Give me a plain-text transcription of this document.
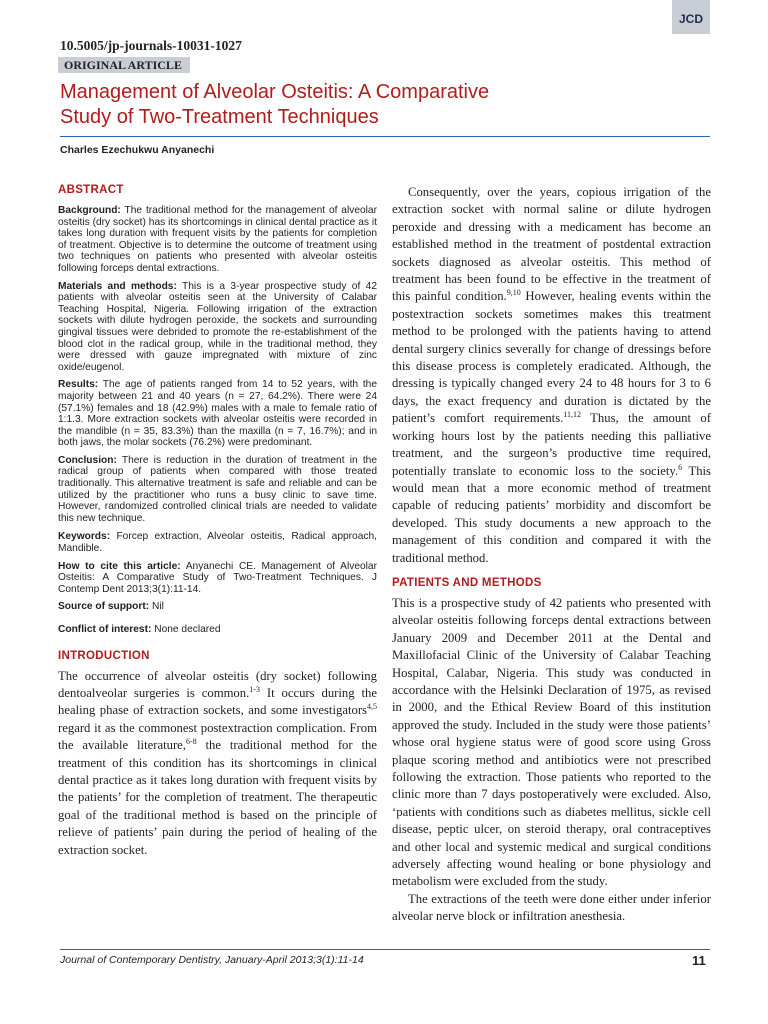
JCD
10.5005/jp-journals-10031-1027
ORIGINAL ARTICLE
Management of Alveolar Osteitis: A Comparative
Study of Two-Treatment Techniques
Charles Ezechukwu Anyanechi
ABSTRACT

Background: The traditional method for the management of alveolar osteitis (dry socket) has its shortcomings in clinical dental practice as it takes long duration with frequent visits by the patients for completion of treatment. Objective is to determine the outcome of treatment using two techniques on patients who presented with alveolar osteitis following forceps dental extractions.

Materials and methods: This is a 3-year prospective study of 42 patients with alveolar osteitis seen at the University of Calabar Teaching Hospital, Nigeria. Following irrigation of the extraction sockets with dilute hydrogen peroxide, the sockets and surrounding gingival tissues were debrided to promote the re-establishment of the blood clot in the radical group, while in the traditional method, they were dressed with gauze impregnated with mixture of zinc oxide/eugenol.

Results: The age of patients ranged from 14 to 52 years, with the majority between 21 and 40 years (n = 27, 64.2%). There were 24 (57.1%) females and 18 (42.9%) males with a male to female ratio of 1:1.3. More extraction sockets with alveolar osteitis were recorded in the mandible (n = 35, 83.3%) than the maxilla (n = 7, 16.7%); and in both jaws, the molar sockets (76.2%) were predominant.

Conclusion: There is reduction in the duration of treatment in the radical group of patients when compared with those treated traditionally. This alternative treatment is safe and reliable and can be utilized by the practitioner who runs a busy clinic to save time. However, randomized controlled clinical trials are needed to validate this new technique.

Keywords: Forcep extraction, Alveolar osteitis, Radical approach, Mandible.

How to cite this article: Anyanechi CE. Management of Alveolar Osteitis: A Comparative Study of Two-Treatment Techniques. J Contemp Dent 2013;3(1):11-14.

Source of support: Nil

Conflict of interest: None declared

INTRODUCTION

The occurrence of alveolar osteitis (dry socket) following dentoalveolar surgeries is common.$^{1-3}$ It occurs during the healing phase of extraction sockets, and some investigators$^{4,5}$ regard it as the commonest postextraction complication. From the available literature,$^{6-8}$ the traditional method for the treatment of this condition has its shortcomings in clinical dental practice as it takes long duration with frequent visits by the patients’ for the completion of treatment. The therapeutic goal of the traditional method is based on the principle of relieve of patients’ pain during the period of healing of the extraction socket.

Consequently, over the years, copious irrigation of the extraction socket with normal saline or dilute hydrogen peroxide and dressing with a medicament has become an established method in the treatment of postdental extraction sockets diagnosed as alveolar osteitis. This method of treatment has been found to be effective in the treatment of this painful condition.$^{9,10}$ However, healing events within the postextraction sockets sometimes makes this treatment method to be prolonged with the patients having to attend dental surgery clinics severally for change of dressings before this disease process is completely eradicated. Although, the dressing is typically changed every 24 to 48 hours for 3 to 6 days, the exact frequency and duration is dictated by the patient’s comfort requirements.$^{11,12}$ Thus, the amount of working hours lost by the patients needing this palliative treatment, and the surgeon’s productive time required, potentially translate to economic loss to the society.$^6$ This would mean that a more economic method of treatment capable of reducing patients’ morbidity and discomfort be developed. This study documents a new approach to the management of this condition and compared it with the traditional method.

PATIENTS AND METHODS

This is a prospective study of 42 patients who presented with alveolar osteitis following forceps dental extractions between January 2009 and December 2011 at the Dental and Maxillofacial Clinic of the University of Calabar Teaching Hospital, Calabar, Nigeria. This study was conducted in accordance with the Helsinki Declaration of 1975, as revised in 2000, and the Ethical Review Board of this institution approved the study. Included in the study were those patients’ whose oral hygiene status were of good score using Gross plaque scoring method and antibiotics were not prescribed following the extraction. Those patients who reported to the clinic more than 7 days postoperatively were excluded. Also, ‘patients with conditions such as diabetes mellitus, sickle cell disease, peptic ulcer, on steroid therapy, oral contraceptives and other local and systemic medical and surgical conditions adversely affecting wound healing or bone physiology and metabolism were excluded from the study.

The extractions of the teeth were done either under inferior alveolar nerve block or infiltration anesthesia.

Journal of Contemporary Dentistry, January-April 2013;3(1):11-14	11
